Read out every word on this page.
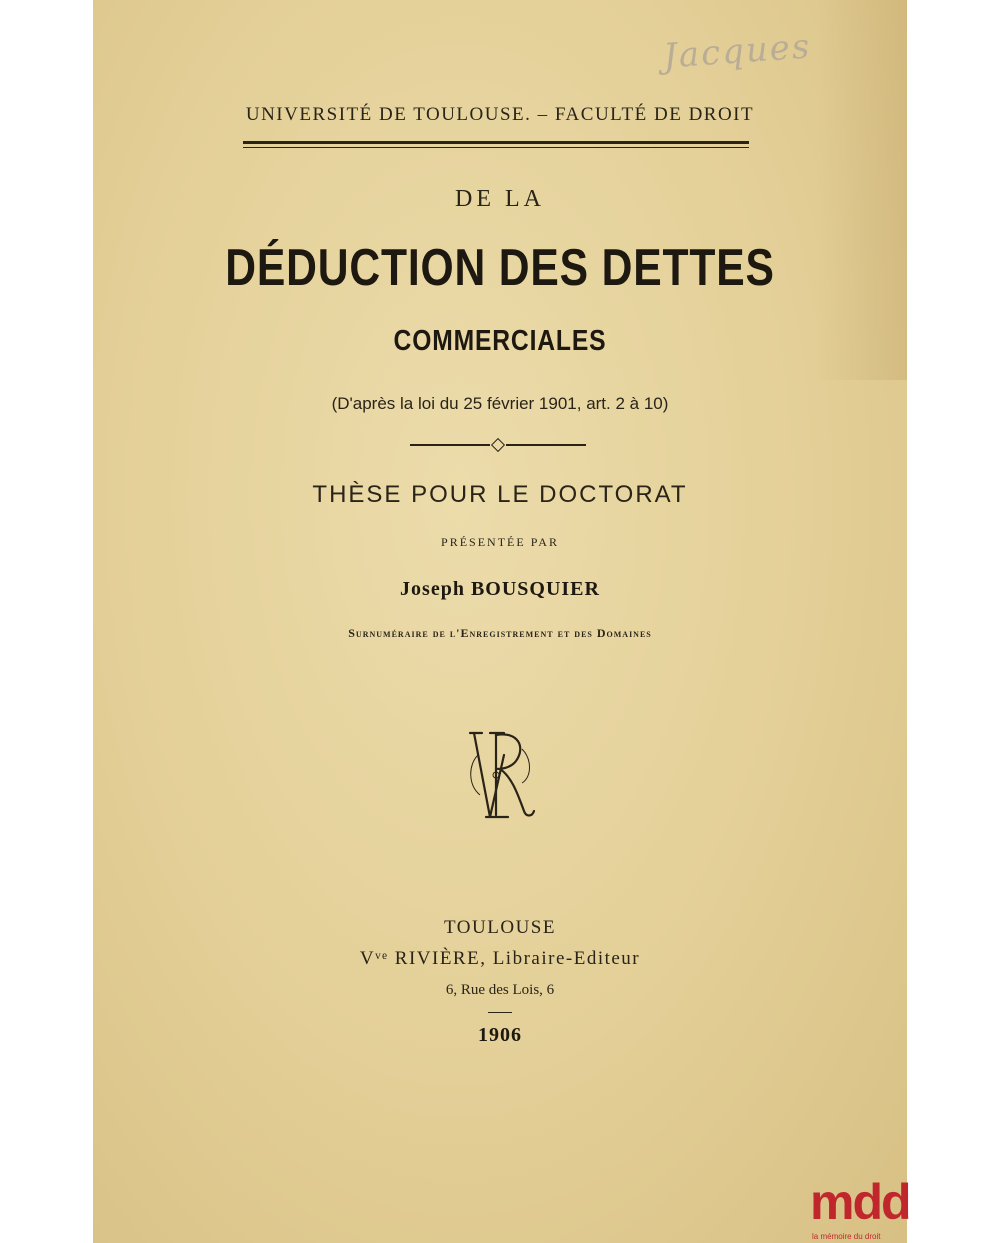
Jacques
UNIVERSITÉ DE TOULOUSE. – FACULTÉ DE DROIT
DE LA
DÉDUCTION DES DETTES
COMMERCIALES
(D'après la loi du 25 février 1901, art. 2 à 10)
THÈSE POUR LE DOCTORAT
PRÉSENTÉE PAR
Joseph BOUSQUIER
Surnuméraire de l'Enregistrement et des Domaines
TOULOUSE
Vᵛᵉ RIVIÈRE, Libraire-Editeur
6, Rue des Lois, 6
1906
mdd
la mémoire du droit
